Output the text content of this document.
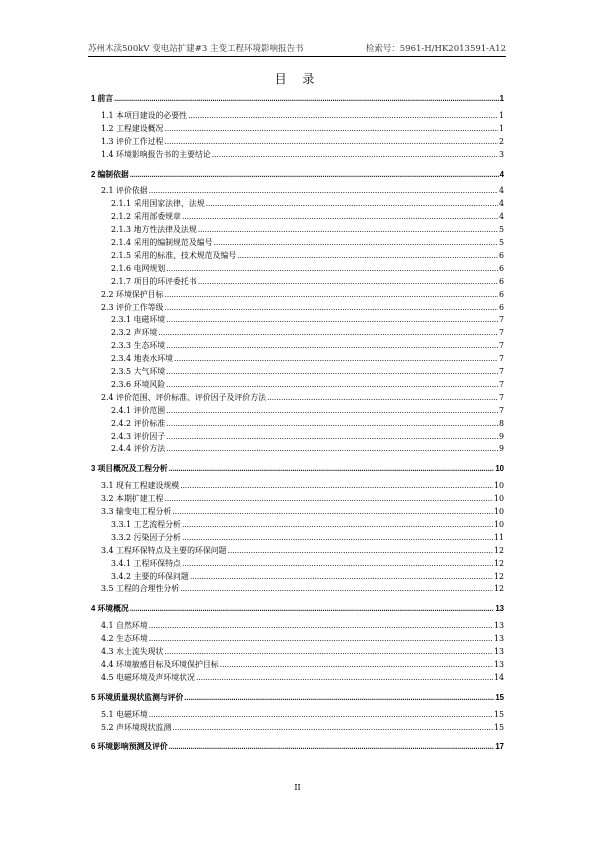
苏州木渎500kV 变电站扩建#3 主变工程环境影响报告书	检索号：5961-H/HK2013591-A12
目 录
1 前言 .....	1
1.1 本项目建设的必要性 .....	1
1.2 工程建设概况 .....	1
1.3 评价工作过程 .....	2
1.4 环境影响报告书的主要结论 .....	3
2 编制依据 .....	4
2.1 评价依据 .....	4
2.1.1 采用国家法律、法规 .....	4
2.1.2 采用部委规章 .....	4
2.1.3 地方性法律及法规 .....	5
2.1.4 采用的编制规范及编号 .....	5
2.1.5 采用的标准、技术规范及编号 .....	6
2.1.6 电网规划 .....	6
2.1.7 项目的环评委托书 .....	6
2.2 环境保护目标 .....	6
2.3 评价工作等级 .....	6
2.3.1 电磁环境 .....	7
2.3.2 声环境 .....	7
2.3.3 生态环境 .....	7
2.3.4 地表水环境 .....	7
2.3.5 大气环境 .....	7
2.3.6 环境风险 .....	7
2.4 评价范围、评价标准、评价因子及评价方法 .....	7
2.4.1 评价范围 .....	7
2.4.2 评价标准 .....	8
2.4.3 评价因子 .....	9
2.4.4 评价方法 .....	9
3 项目概况及工程分析 .....	10
3.1 现有工程建设规模 .....	10
3.2 本期扩建工程 .....	10
3.3 输变电工程分析 .....	10
3.3.1 工艺流程分析 .....	10
3.3.2 污染因子分析 .....	11
3.4 工程环保特点及主要的环保问题 .....	12
3.4.1 工程环保特点 .....	12
3.4.2 主要的环保问题 .....	12
3.5 工程的合理性分析 .....	12
4 环境概况 .....	13
4.1 自然环境 .....	13
4.2 生态环境 .....	13
4.3 水土流失现状 .....	13
4.4 环境敏感目标及环境保护目标 .....	13
4.5 电磁环境及声环境状况 .....	14
5 环境质量现状监测与评价 .....	15
5.1 电磁环境 .....	15
5.2 声环境现状监测 .....	15
6 环境影响预测及评价 .....	17
II
